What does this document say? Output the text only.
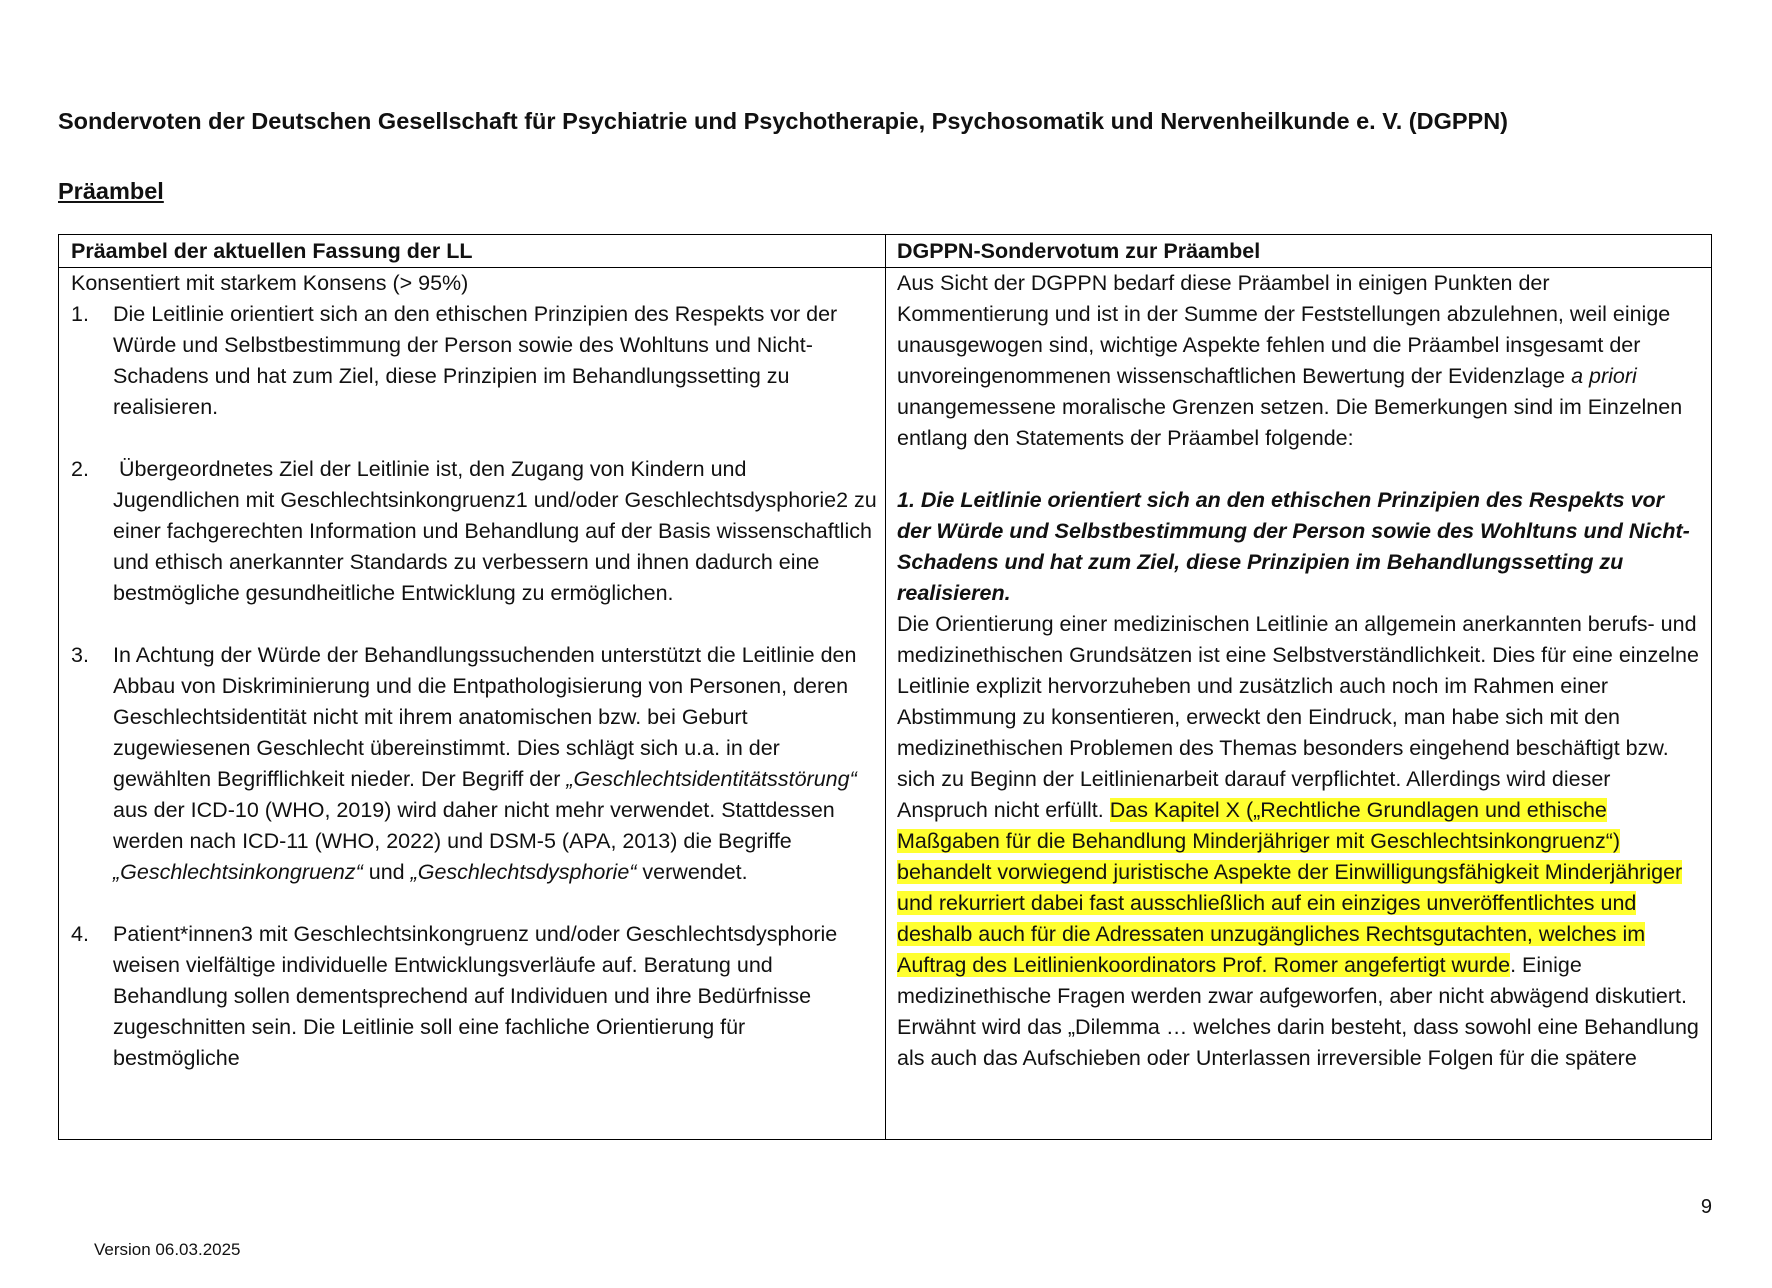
Sondervoten der Deutschen Gesellschaft für Psychiatrie und Psychotherapie, Psychosomatik und Nervenheilkunde e. V. (DGPPN)
Präambel
Präambel der aktuellen Fassung der LL	DGPPN-Sondervotum zur Präambel
Konsentiert mit starkem Konsens (> 95%)
1.	Die Leitlinie orientiert sich an den ethischen Prinzipien des Respekts vor der Würde und Selbstbestimmung der Person sowie des Wohltuns und Nicht-Schadens und hat zum Ziel, diese Prinzipien im Behandlungssetting zu realisieren.
2.	Übergeordnetes Ziel der Leitlinie ist, den Zugang von Kindern und Jugendlichen mit Geschlechtsinkongruenz1 und/oder Geschlechtsdysphorie2 zu einer fachgerechten Information und Behandlung auf der Basis wissenschaftlich und ethisch anerkannter Standards zu verbessern und ihnen dadurch eine bestmögliche gesundheitliche Entwicklung zu ermöglichen.
3.	In Achtung der Würde der Behandlungssuchenden unterstützt die Leitlinie den Abbau von Diskriminierung und die Entpathologisierung von Personen, deren Geschlechtsidentität nicht mit ihrem anatomischen bzw. bei Geburt zugewiesenen Geschlecht übereinstimmt. Dies schlägt sich u.a. in der gewählten Begrifflichkeit nieder. Der Begriff der „Geschlechtsidentitätsstörung“ aus der ICD-10 (WHO, 2019) wird daher nicht mehr verwendet. Stattdessen werden nach ICD-11 (WHO, 2022) und DSM-5 (APA, 2013) die Begriffe „Geschlechtsinkongruenz“ und „Geschlechtsdysphorie“ verwendet.
4.	Patient*innen3 mit Geschlechtsinkongruenz und/oder Geschlechtsdysphorie weisen vielfältige individuelle Entwicklungsverläufe auf. Beratung und Behandlung sollen dementsprechend auf Individuen und ihre Bedürfnisse zugeschnitten sein. Die Leitlinie soll eine fachliche Orientierung für bestmögliche

Aus Sicht der DGPPN bedarf diese Präambel in einigen Punkten der Kommentierung und ist in der Summe der Feststellungen abzulehnen, weil einige unausgewogen sind, wichtige Aspekte fehlen und die Präambel insgesamt der unvoreingenommenen wissenschaftlichen Bewertung der Evidenzlage a priori unangemessene moralische Grenzen setzen. Die Bemerkungen sind im Einzelnen entlang den Statements der Präambel folgende:

1. Die Leitlinie orientiert sich an den ethischen Prinzipien des Respekts vor der Würde und Selbstbestimmung der Person sowie des Wohltuns und Nicht-Schadens und hat zum Ziel, diese Prinzipien im Behandlungssetting zu realisieren.
Die Orientierung einer medizinischen Leitlinie an allgemein anerkannten berufs- und medizinethischen Grundsätzen ist eine Selbstverständlichkeit. Dies für eine einzelne Leitlinie explizit hervorzuheben und zusätzlich auch noch im Rahmen einer Abstimmung zu konsentieren, erweckt den Eindruck, man habe sich mit den medizinethischen Problemen des Themas besonders eingehend beschäftigt bzw. sich zu Beginn der Leitlinienarbeit darauf verpflichtet. Allerdings wird dieser Anspruch nicht erfüllt. Das Kapitel X („Rechtliche Grundlagen und ethische Maßgaben für die Behandlung Minderjähriger mit Geschlechtsinkongruenz“) behandelt vorwiegend juristische Aspekte der Einwilligungsfähigkeit Minderjähriger und rekurriert dabei fast ausschließlich auf ein einziges unveröffentlichtes und deshalb auch für die Adressaten unzugängliches Rechtsgutachten, welches im Auftrag des Leitlinienkoordinators Prof. Romer angefertigt wurde. Einige medizinethische Fragen werden zwar aufgeworfen, aber nicht abwägend diskutiert. Erwähnt wird das „Dilemma … welches darin besteht, dass sowohl eine Behandlung als auch das Aufschieben oder Unterlassen irreversible Folgen für die spätere
9
Version 06.03.2025
